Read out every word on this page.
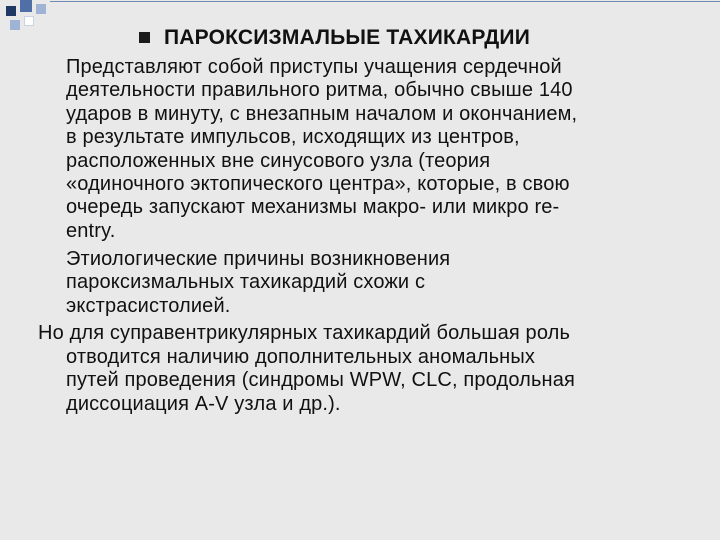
ПАРОКСИЗМАЛЬЫЕ ТАХИКАРДИИ
Представляют собой приступы учащения сердечной
деятельности правильного ритма, обычно свыше 140
ударов в минуту, с внезапным началом и окончанием,
в результате импульсов, исходящих из центров,
расположенных вне синусового узла (теория
«одиночного эктопического центра», которые, в свою
очередь запускают механизмы макро- или микро re-
entry.
Этиологические причины возникновения
пароксизмальных тахикардий схожи с
экстрасистолией.
Но для суправентрикулярных тахикардий большая роль
отводится наличию дополнительных аномальных
путей проведения (синдромы WPW, CLC, продольная
диссоциация A-V узла и др.).
